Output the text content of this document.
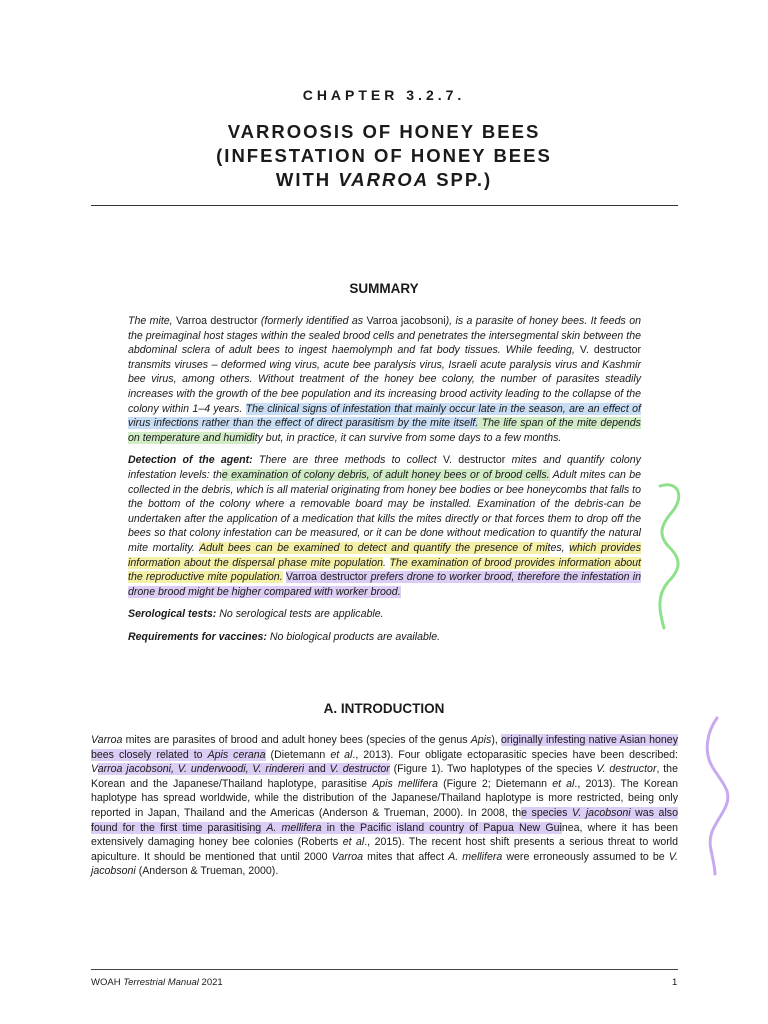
CHAPTER 3.2.7.
VARROOSIS OF HONEY BEES
(INFESTATION OF HONEY BEES
WITH VARROA SPP.)
SUMMARY

The mite, Varroa destructor (formerly identified as Varroa jacobsoni), is a parasite of honey bees. It feeds on the preimaginal host stages within the sealed brood cells and penetrates the intersegmental skin between the abdominal sclera of adult bees to ingest haemolymph and fat body tissues. While feeding, V. destructor transmits viruses – deformed wing virus, acute bee paralysis virus, Israeli acute paralysis virus and Kashmir bee virus, among others. Without treatment of the honey bee colony, the number of parasites steadily increases with the growth of the bee population and its increasing brood activity leading to the collapse of the colony within 1–4 years. The clinical signs of infestation that mainly occur late in the season, are an effect of virus infections rather than the effect of direct parasitism by the mite itself. The life span of the mite depends on temperature and humidity but, in practice, it can survive from some days to a few months.

Detection of the agent: There are three methods to collect V. destructor mites and quantify colony infestation levels: the examination of colony debris, of adult honey bees or of brood cells. Adult mites can be collected in the debris, which is all material originating from honey bee bodies or bee honeycombs that falls to the bottom of the colony where a removable board may be installed. Examination of the debris-can be undertaken after the application of a medication that kills the mites directly or that forces them to drop off the bees so that colony infestation can be measured, or it can be done without medication to quantify the natural mite mortality. Adult bees can be examined to detect and quantify the presence of mites, which provides information about the dispersal phase mite population. The examination of brood provides information about the reproductive mite population. Varroa destructor prefers drone to worker brood, therefore the infestation in drone brood might be higher compared with worker brood.

Serological tests: No serological tests are applicable.

Requirements for vaccines: No biological products are available.

A. INTRODUCTION

Varroa mites are parasites of brood and adult honey bees (species of the genus Apis), originally infesting native Asian honey bees closely related to Apis cerana (Dietemann et al., 2013). Four obligate ectoparasitic species have been described: Varroa jacobsoni, V. underwoodi, V. rindereri and V. destructor (Figure 1). Two haplotypes of the species V. destructor, the Korean and the Japanese/Thailand haplotype, parasitise Apis mellifera (Figure 2; Dietemann et al., 2013). The Korean haplotype has spread worldwide, while the distribution of the Japanese/Thailand haplotype is more restricted, being only reported in Japan, Thailand and the Americas (Anderson & Trueman, 2000). In 2008, the species V. jacobsoni was also found for the first time parasitising A. mellifera in the Pacific island country of Papua New Guinea, where it has been extensively damaging honey bee colonies (Roberts et al., 2015). The recent host shift presents a serious threat to world apiculture. It should be mentioned that until 2000 Varroa mites that affect A. mellifera were erroneously assumed to be V. jacobsoni (Anderson & Trueman, 2000).

WOAH Terrestrial Manual 2021	1
